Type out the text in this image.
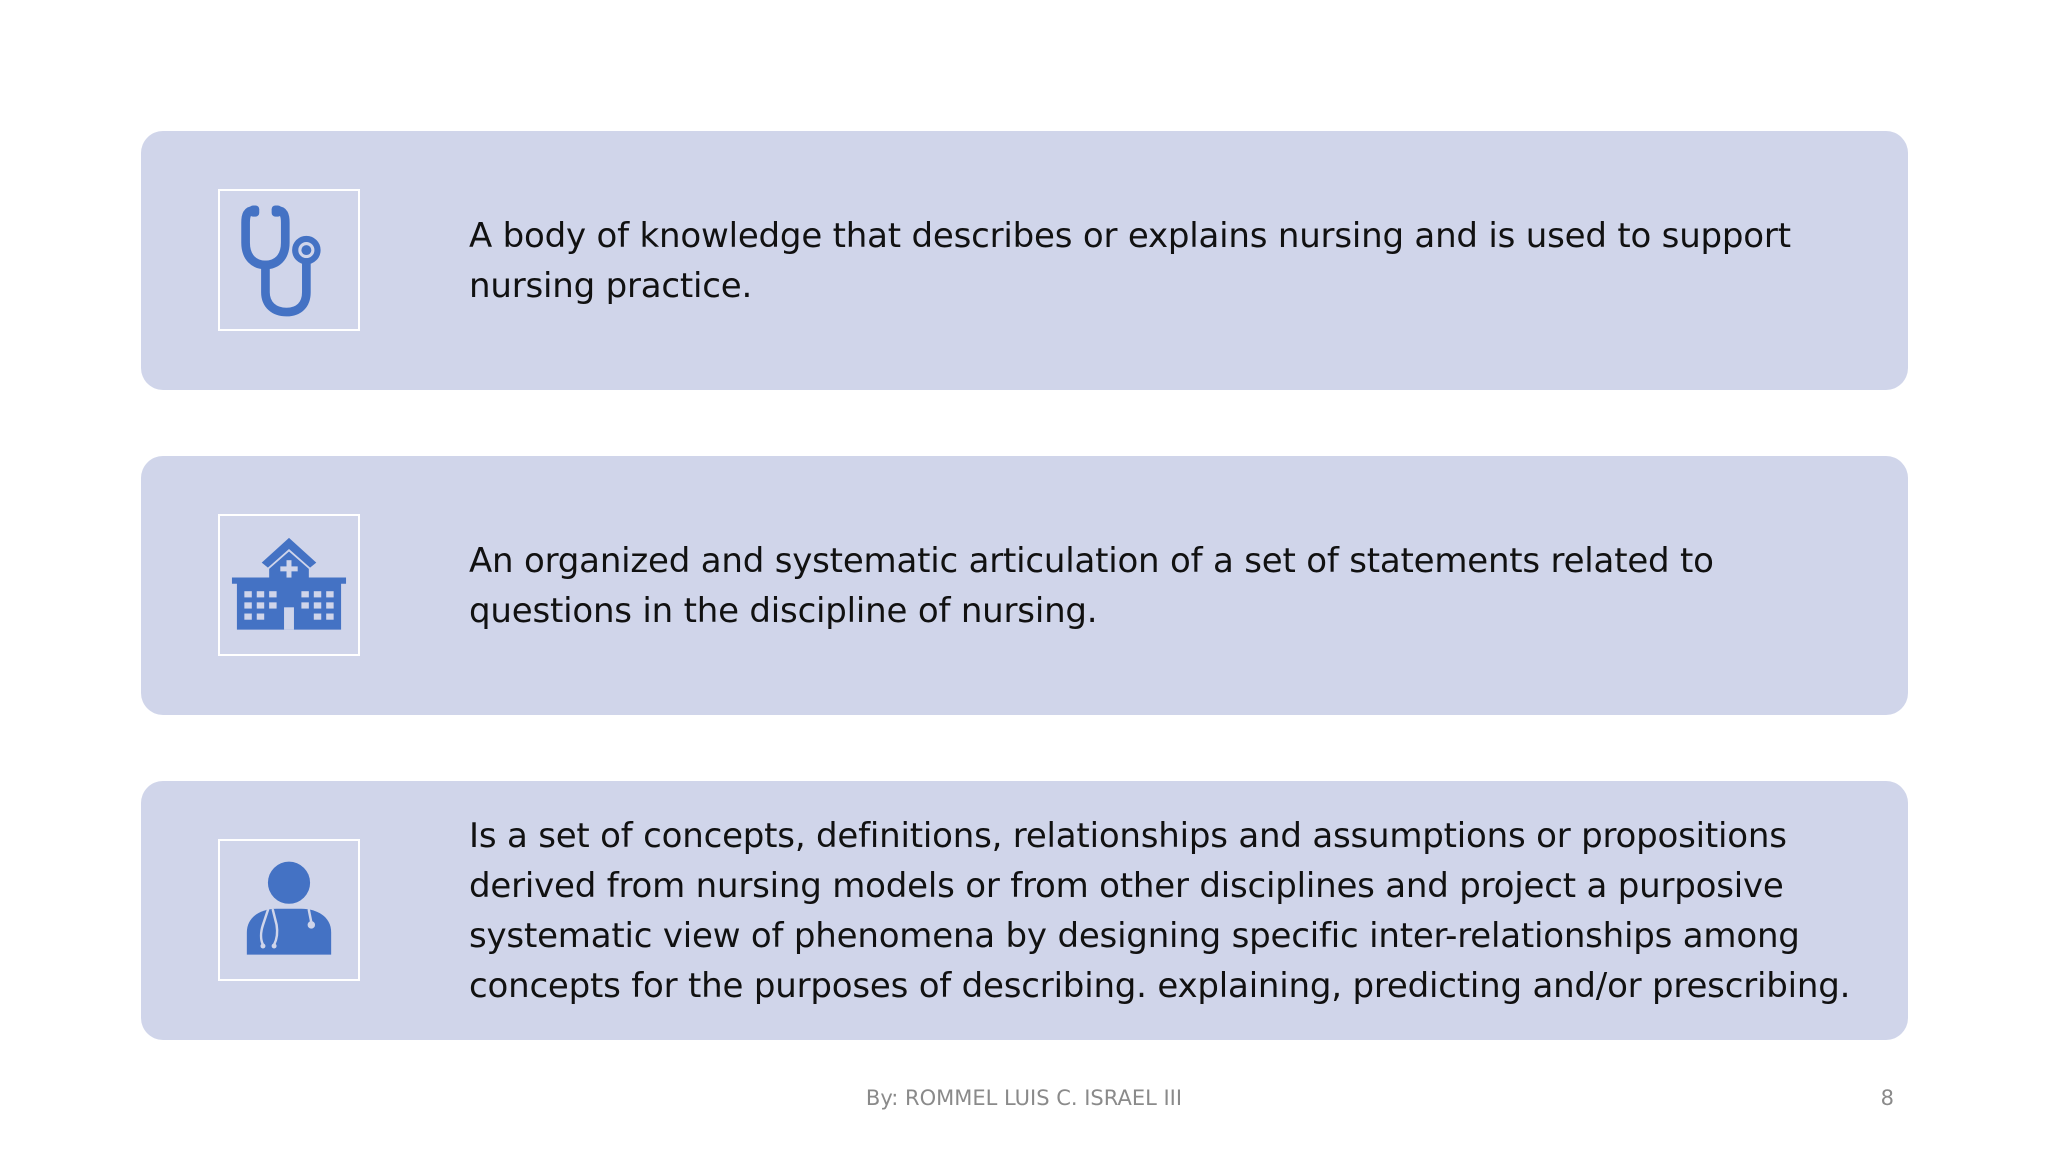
A body of knowledge that describes or explains nursing and is used to support nursing practice.
An organized and systematic articulation of a set of statements related to questions in the discipline of nursing.
Is a set of concepts, definitions, relationships and assumptions or propositions derived from nursing models or from other disciplines and project a purposive systematic view of phenomena by designing specific inter-relationships among concepts for the purposes of describing. explaining, predicting and/or prescribing.
By: ROMMEL LUIS C. ISRAEL III	8
